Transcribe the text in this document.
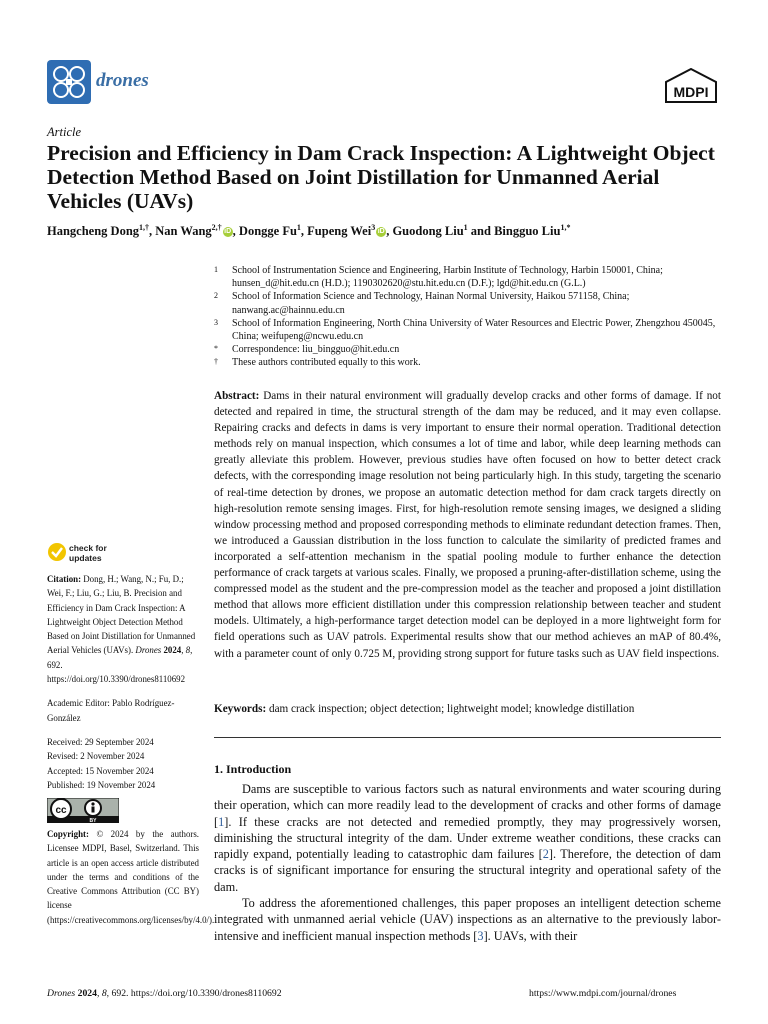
drones
MDPI
Article
Precision and Efficiency in Dam Crack Inspection: A Lightweight Object Detection Method Based on Joint Distillation for Unmanned Aerial Vehicles (UAVs)
Hangcheng Dong$^{1,\dagger}$, Nan Wang$^{2,\dagger}$ iD , Dongge Fu$^1$, Fupeng Wei$^3$ iD , Guodong Liu$^1$ and Bingguo Liu$^{1,*}$
1 School of Instrumentation Science and Engineering, Harbin Institute of Technology, Harbin 150001, China; hunsen_d@hit.edu.cn (H.D.); 1190302620@stu.hit.edu.cn (D.F.); lgd@hit.edu.cn (G.L.)
2 School of Information Science and Technology, Hainan Normal University, Haikou 571158, China; nanwang.ac@hainnu.edu.cn
3 School of Information Engineering, North China University of Water Resources and Electric Power, Zhengzhou 450045, China; weifupeng@ncwu.edu.cn
* Correspondence: liu_bingguo@hit.edu.cn
† These authors contributed equally to this work.
Abstract: Dams in their natural environment will gradually develop cracks and other forms of damage. If not detected and repaired in time, the structural strength of the dam may be reduced, and it may even collapse. Repairing cracks and defects in dams is very important to ensure their normal operation. Traditional detection methods rely on manual inspection, which consumes a lot of time and labor, while deep learning methods can greatly alleviate this problem. However, previous studies have often focused on how to better detect crack defects, with the corresponding image resolution not being particularly high. In this study, targeting the scenario of real-time detection by drones, we propose an automatic detection method for dam crack targets directly on high-resolution remote sensing images. First, for high-resolution remote sensing images, we designed a sliding window processing method and proposed corresponding methods to eliminate redundant detection frames. Then, we introduced a Gaussian distribution in the loss function to calculate the similarity of predicted frames and incorporated a self-attention mechanism in the spatial pooling module to further enhance the detection performance of crack targets at various scales. Finally, we proposed a pruning-after-distillation scheme, using the compressed model as the student and the pre-compression model as the teacher and proposed a joint distillation method that allows more efficient distillation under this compression relationship between teacher and student models. Ultimately, a high-performance target detection model can be deployed in a more lightweight form for field operations such as UAV patrols. Experimental results show that our method achieves an mAP of 80.4%, with a parameter count of only 0.725 M, providing strong support for future tasks such as UAV field inspections.
Keywords: dam crack inspection; object detection; lightweight model; knowledge distillation
1. Introduction

Dams are susceptible to various factors such as natural environments and water scouring during their operation, which can more readily lead to the development of cracks and other forms of damage [1]. If these cracks are not detected and remedied promptly, they may progressively worsen, diminishing the structural integrity of the dam. Under extreme weather conditions, these cracks can rapidly expand, potentially leading to catastrophic dam failures [2]. Therefore, the detection of dam cracks is of significant importance for ensuring the structural integrity and operational safety of the dam.

To address the aforementioned challenges, this paper proposes an intelligent detection scheme integrated with unmanned aerial vehicle (UAV) inspections as an alternative to the previously labor-intensive and inefficient manual inspection methods [3]. UAVs, with their

check for
updates
Citation: Dong, H.; Wang, N.; Fu, D.; Wei, F.; Liu, G.; Liu, B. Precision and Efficiency in Dam Crack Inspection: A Lightweight Object Detection Method Based on Joint Distillation for Unmanned Aerial Vehicles (UAVs). Drones 2024, 8, 692. https://doi.org/10.3390/drones8110692
Academic Editor: Pablo Rodríguez-González
Received: 29 September 2024
Revised: 2 November 2024
Accepted: 15 November 2024
Published: 19 November 2024
cc
BY
Copyright: © 2024 by the authors. Licensee MDPI, Basel, Switzerland. This article is an open access article distributed under the terms and conditions of the Creative Commons Attribution (CC BY) license (https://creativecommons.org/licenses/by/4.0/).
Drones 2024, 8, 692. https://doi.org/10.3390/drones8110692	https://www.mdpi.com/journal/drones
